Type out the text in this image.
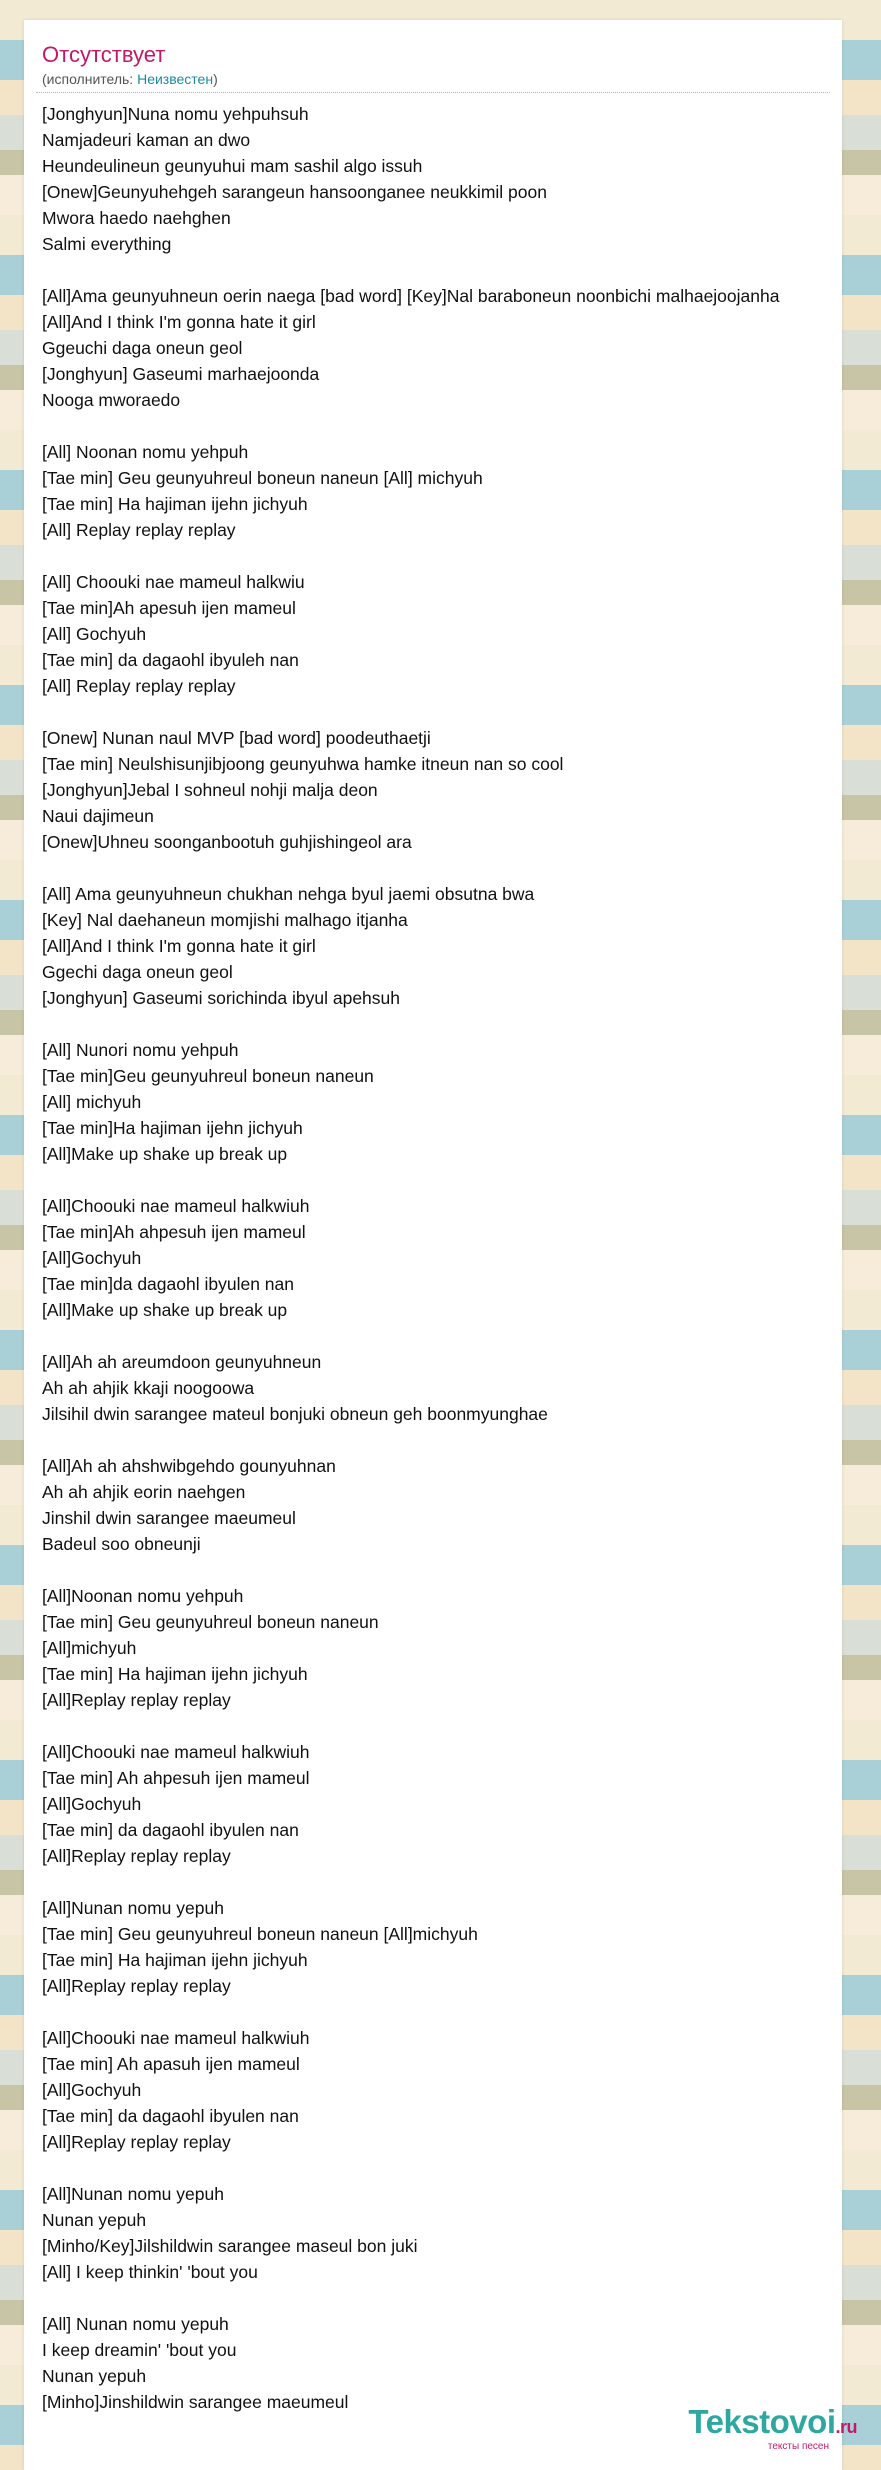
Отсутствует
(исполнитель: Неизвестен)
[Jonghyun]Nuna nomu yehpuhsuh
Namjadeuri kaman an dwo
Heundeulineun geunyuhui mam sashil algo issuh
[Onew]Geunyuhehgeh sarangeun hansoonganee neukkimil poon
Mwora haedo naehghen
Salmi everything
[All]Ama geunyuhneun oerin naega [bad word] [Key]Nal baraboneun noonbichi malhaejoojanha
[All]And I think I'm gonna hate it girl
Ggeuchi daga oneun geol
[Jonghyun] Gaseumi marhaejoonda
Nooga mworaedo
[All] Noonan nomu yehpuh
[Tae min] Geu geunyuhreul boneun naneun [All] michyuh
[Tae min] Ha hajiman ijehn jichyuh
[All] Replay replay replay
[All] Choouki nae mameul halkwiu
[Tae min]Ah apesuh ijen mameul
[All] Gochyuh
[Tae min] da dagaohl ibyuleh nan
[All] Replay replay replay
[Onew] Nunan naul MVP [bad word] poodeuthaetji
[Tae min] Neulshisunjibjoong geunyuhwa hamke itneun nan so cool
[Jonghyun]Jebal I sohneul nohji malja deon
Naui dajimeun
[Onew]Uhneu soonganbootuh guhjishingeol ara
[All] Ama geunyuhneun chukhan nehga byul jaemi obsutna bwa
[Key] Nal daehaneun momjishi malhago itjanha
[All]And I think I'm gonna hate it girl
Ggechi daga oneun geol
[Jonghyun] Gaseumi sorichinda ibyul apehsuh
[All] Nunori nomu yehpuh
[Tae min]Geu geunyuhreul boneun naneun
[All] michyuh
[Tae min]Ha hajiman ijehn jichyuh
[All]Make up shake up break up
[All]Choouki nae mameul halkwiuh
[Tae min]Ah ahpesuh ijen mameul
[All]Gochyuh
[Tae min]da dagaohl ibyulen nan
[All]Make up shake up break up
[All]Ah ah areumdoon geunyuhneun
Ah ah ahjik kkaji noogoowa
Jilsihil dwin sarangee mateul bonjuki obneun geh boonmyunghae
[All]Ah ah ahshwibgehdo gounyuhnan
Ah ah ahjik eorin naehgen
Jinshil dwin sarangee maeumeul
Badeul soo obneunji
[All]Noonan nomu yehpuh
[Tae min] Geu geunyuhreul boneun naneun
[All]michyuh
[Tae min] Ha hajiman ijehn jichyuh
[All]Replay replay replay
[All]Choouki nae mameul halkwiuh
[Tae min] Ah ahpesuh ijen mameul
[All]Gochyuh
[Tae min] da dagaohl ibyulen nan
[All]Replay replay replay
[All]Nunan nomu yepuh
[Tae min] Geu geunyuhreul boneun naneun [All]michyuh
[Tae min] Ha hajiman ijehn jichyuh
[All]Replay replay replay
[All]Choouki nae mameul halkwiuh
[Tae min] Ah apasuh ijen mameul
[All]Gochyuh
[Tae min] da dagaohl ibyulen nan
[All]Replay replay replay
[All]Nunan nomu yepuh
Nunan yepuh
[Minho/Key]Jilshildwin sarangee maseul bon juki
[All] I keep thinkin' 'bout you
[All] Nunan nomu yepuh
I keep dreamin' 'bout you
Nunan yepuh
[Minho]Jinshildwin sarangee maeumeul
Tekstovoi.ru
тексты песен
